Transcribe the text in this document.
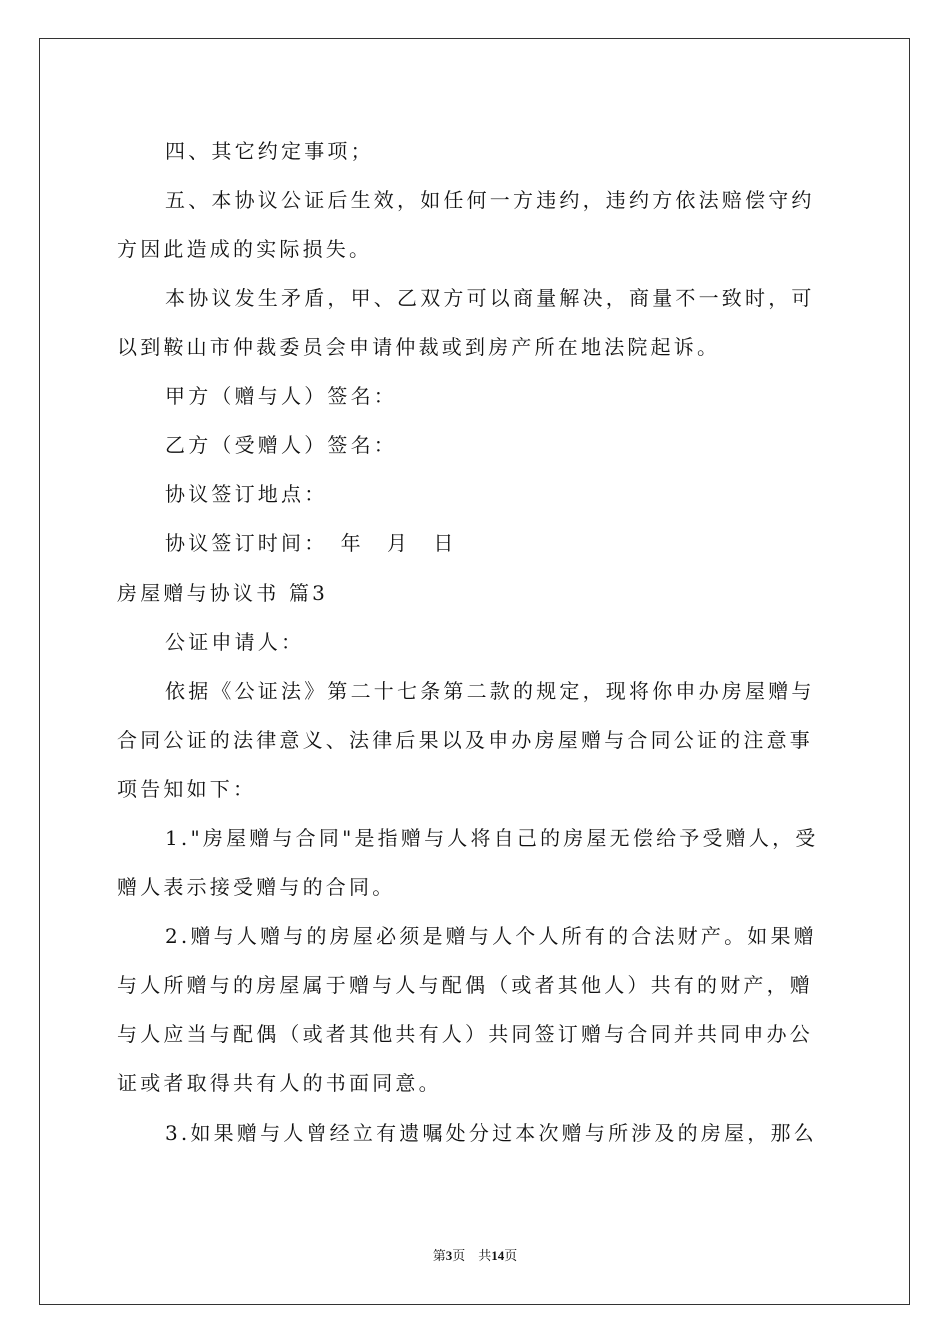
四、其它约定事项；
五、本协议公证后生效，如任何一方违约，违约方依法赔偿守约
方因此造成的实际损失。
本协议发生矛盾，甲、乙双方可以商量解决，商量不一致时，可
以到鞍山市仲裁委员会申请仲裁或到房产所在地法院起诉。
甲方（赠与人）签名：
乙方（受赠人）签名：
协议签订地点：
协议签订时间：　年　月　日
房屋赠与协议书 篇3
公证申请人：
依据《公证法》第二十七条第二款的规定，现将你申办房屋赠与
合同公证的法律意义、法律后果以及申办房屋赠与合同公证的注意事
项告知如下：
1."房屋赠与合同"是指赠与人将自己的房屋无偿给予受赠人，受
赠人表示接受赠与的合同。
2.赠与人赠与的房屋必须是赠与人个人所有的合法财产。如果赠
与人所赠与的房屋属于赠与人与配偶（或者其他人）共有的财产，赠
与人应当与配偶（或者其他共有人）共同签订赠与合同并共同申办公
证或者取得共有人的书面同意。
3.如果赠与人曾经立有遗嘱处分过本次赠与所涉及的房屋，那么
第3页　共14页
